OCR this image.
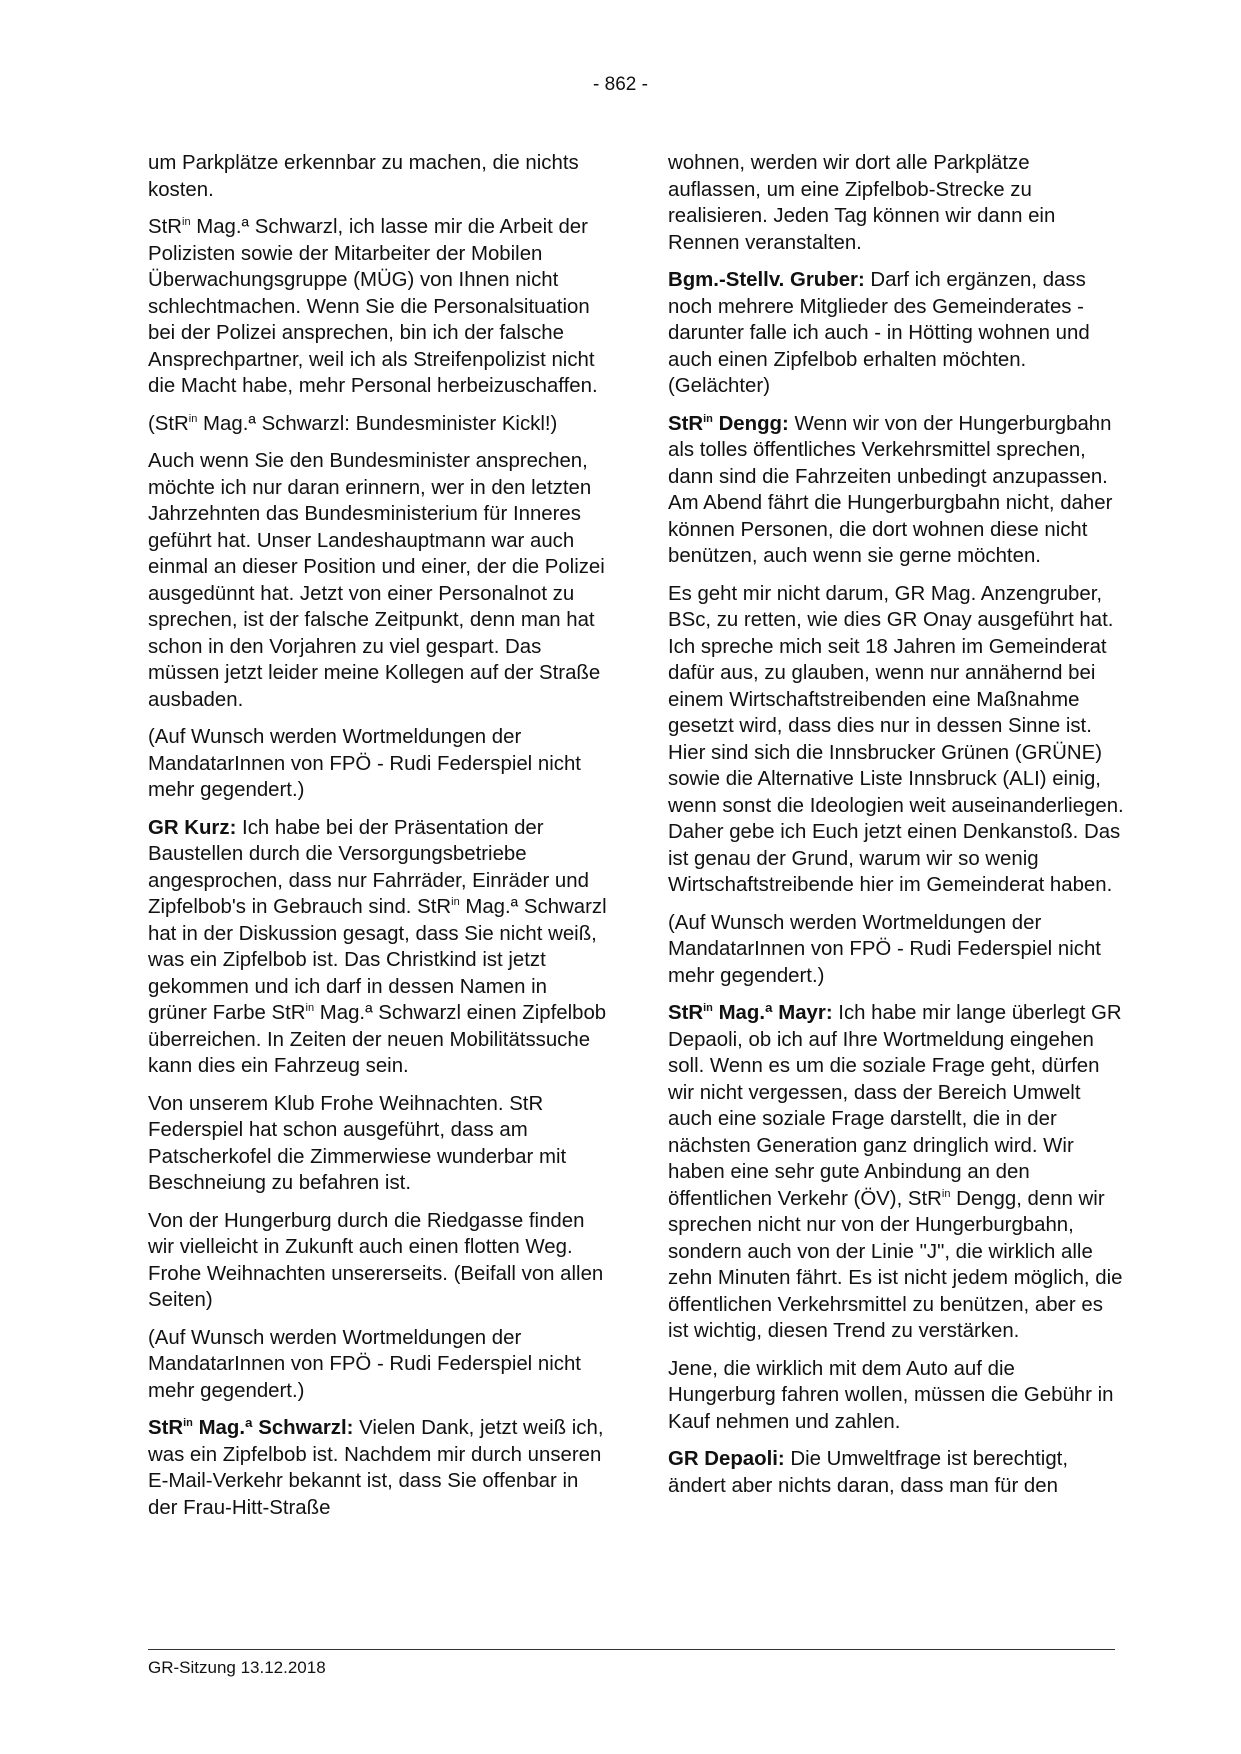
- 862 -

um Parkplätze erkennbar zu machen, die nichts kosten.

StR$^{in}$ Mag.ª Schwarzl, ich lasse mir die Arbeit der Polizisten sowie der Mitarbeiter der Mobilen Überwachungsgruppe (MÜG) von Ihnen nicht schlechtmachen. Wenn Sie die Personalsituation bei der Polizei ansprechen, bin ich der falsche Ansprechpartner, weil ich als Streifenpolizist nicht die Macht habe, mehr Personal herbeizuschaffen.

(StR$^{in}$ Mag.ª Schwarzl: Bundesminister Kickl!)

Auch wenn Sie den Bundesminister ansprechen, möchte ich nur daran erinnern, wer in den letzten Jahrzehnten das Bundesministerium für Inneres geführt hat. Unser Landeshauptmann war auch einmal an dieser Position und einer, der die Polizei ausgedünnt hat. Jetzt von einer Personalnot zu sprechen, ist der falsche Zeitpunkt, denn man hat schon in den Vorjahren zu viel gespart. Das müssen jetzt leider meine Kollegen auf der Straße ausbaden.

(Auf Wunsch werden Wortmeldungen der MandatarInnen von FPÖ - Rudi Federspiel nicht mehr gegendert.)

GR Kurz: Ich habe bei der Präsentation der Baustellen durch die Versorgungsbetriebe angesprochen, dass nur Fahrräder, Einräder und Zipfelbob's in Gebrauch sind. StR$^{in}$ Mag.ª Schwarzl hat in der Diskussion gesagt, dass Sie nicht weiß, was ein Zipfelbob ist. Das Christkind ist jetzt gekommen und ich darf in dessen Namen in grüner Farbe StR$^{in}$ Mag.ª Schwarzl einen Zipfelbob überreichen. In Zeiten der neuen Mobilitätssuche kann dies ein Fahrzeug sein.

Von unserem Klub Frohe Weihnachten. StR Federspiel hat schon ausgeführt, dass am Patscherkofel die Zimmerwiese wunderbar mit Beschneiung zu befahren ist.

Von der Hungerburg durch die Riedgasse finden wir vielleicht in Zukunft auch einen flotten Weg. Frohe Weihnachten unsererseits. (Beifall von allen Seiten)

(Auf Wunsch werden Wortmeldungen der MandatarInnen von FPÖ - Rudi Federspiel nicht mehr gegendert.)

StR$^{in}$ Mag.ª Schwarzl: Vielen Dank, jetzt weiß ich, was ein Zipfelbob ist. Nachdem mir durch unseren E-Mail-Verkehr bekannt ist, dass Sie offenbar in der Frau-Hitt-Straße

wohnen, werden wir dort alle Parkplätze auflassen, um eine Zipfelbob-Strecke zu realisieren. Jeden Tag können wir dann ein Rennen veranstalten.

Bgm.-Stellv. Gruber: Darf ich ergänzen, dass noch mehrere Mitglieder des Gemeinderates - darunter falle ich auch - in Hötting wohnen und auch einen Zipfelbob erhalten möchten. (Gelächter)

StR$^{in}$ Dengg: Wenn wir von der Hungerburgbahn als tolles öffentliches Verkehrsmittel sprechen, dann sind die Fahrzeiten unbedingt anzupassen. Am Abend fährt die Hungerburgbahn nicht, daher können Personen, die dort wohnen diese nicht benützen, auch wenn sie gerne möchten.

Es geht mir nicht darum, GR Mag. Anzengruber, BSc, zu retten, wie dies GR Onay ausgeführt hat. Ich spreche mich seit 18 Jahren im Gemeinderat dafür aus, zu glauben, wenn nur annähernd bei einem Wirtschaftstreibenden eine Maßnahme gesetzt wird, dass dies nur in dessen Sinne ist. Hier sind sich die Innsbrucker Grünen (GRÜNE) sowie die Alternative Liste Innsbruck (ALI) einig, wenn sonst die Ideologien weit auseinanderliegen. Daher gebe ich Euch jetzt einen Denkanstoß. Das ist genau der Grund, warum wir so wenig Wirtschaftstreibende hier im Gemeinderat haben.

(Auf Wunsch werden Wortmeldungen der MandatarInnen von FPÖ - Rudi Federspiel nicht mehr gegendert.)

StR$^{in}$ Mag.ª Mayr: Ich habe mir lange überlegt GR Depaoli, ob ich auf Ihre Wortmeldung eingehen soll. Wenn es um die soziale Frage geht, dürfen wir nicht vergessen, dass der Bereich Umwelt auch eine soziale Frage darstellt, die in der nächsten Generation ganz dringlich wird. Wir haben eine sehr gute Anbindung an den öffentlichen Verkehr (ÖV), StR$^{in}$ Dengg, denn wir sprechen nicht nur von der Hungerburgbahn, sondern auch von der Linie "J", die wirklich alle zehn Minuten fährt. Es ist nicht jedem möglich, die öffentlichen Verkehrsmittel zu benützen, aber es ist wichtig, diesen Trend zu verstärken.

Jene, die wirklich mit dem Auto auf die Hungerburg fahren wollen, müssen die Gebühr in Kauf nehmen und zahlen.

GR Depaoli: Die Umweltfrage ist berechtigt, ändert aber nichts daran, dass man für den

GR-Sitzung 13.12.2018
